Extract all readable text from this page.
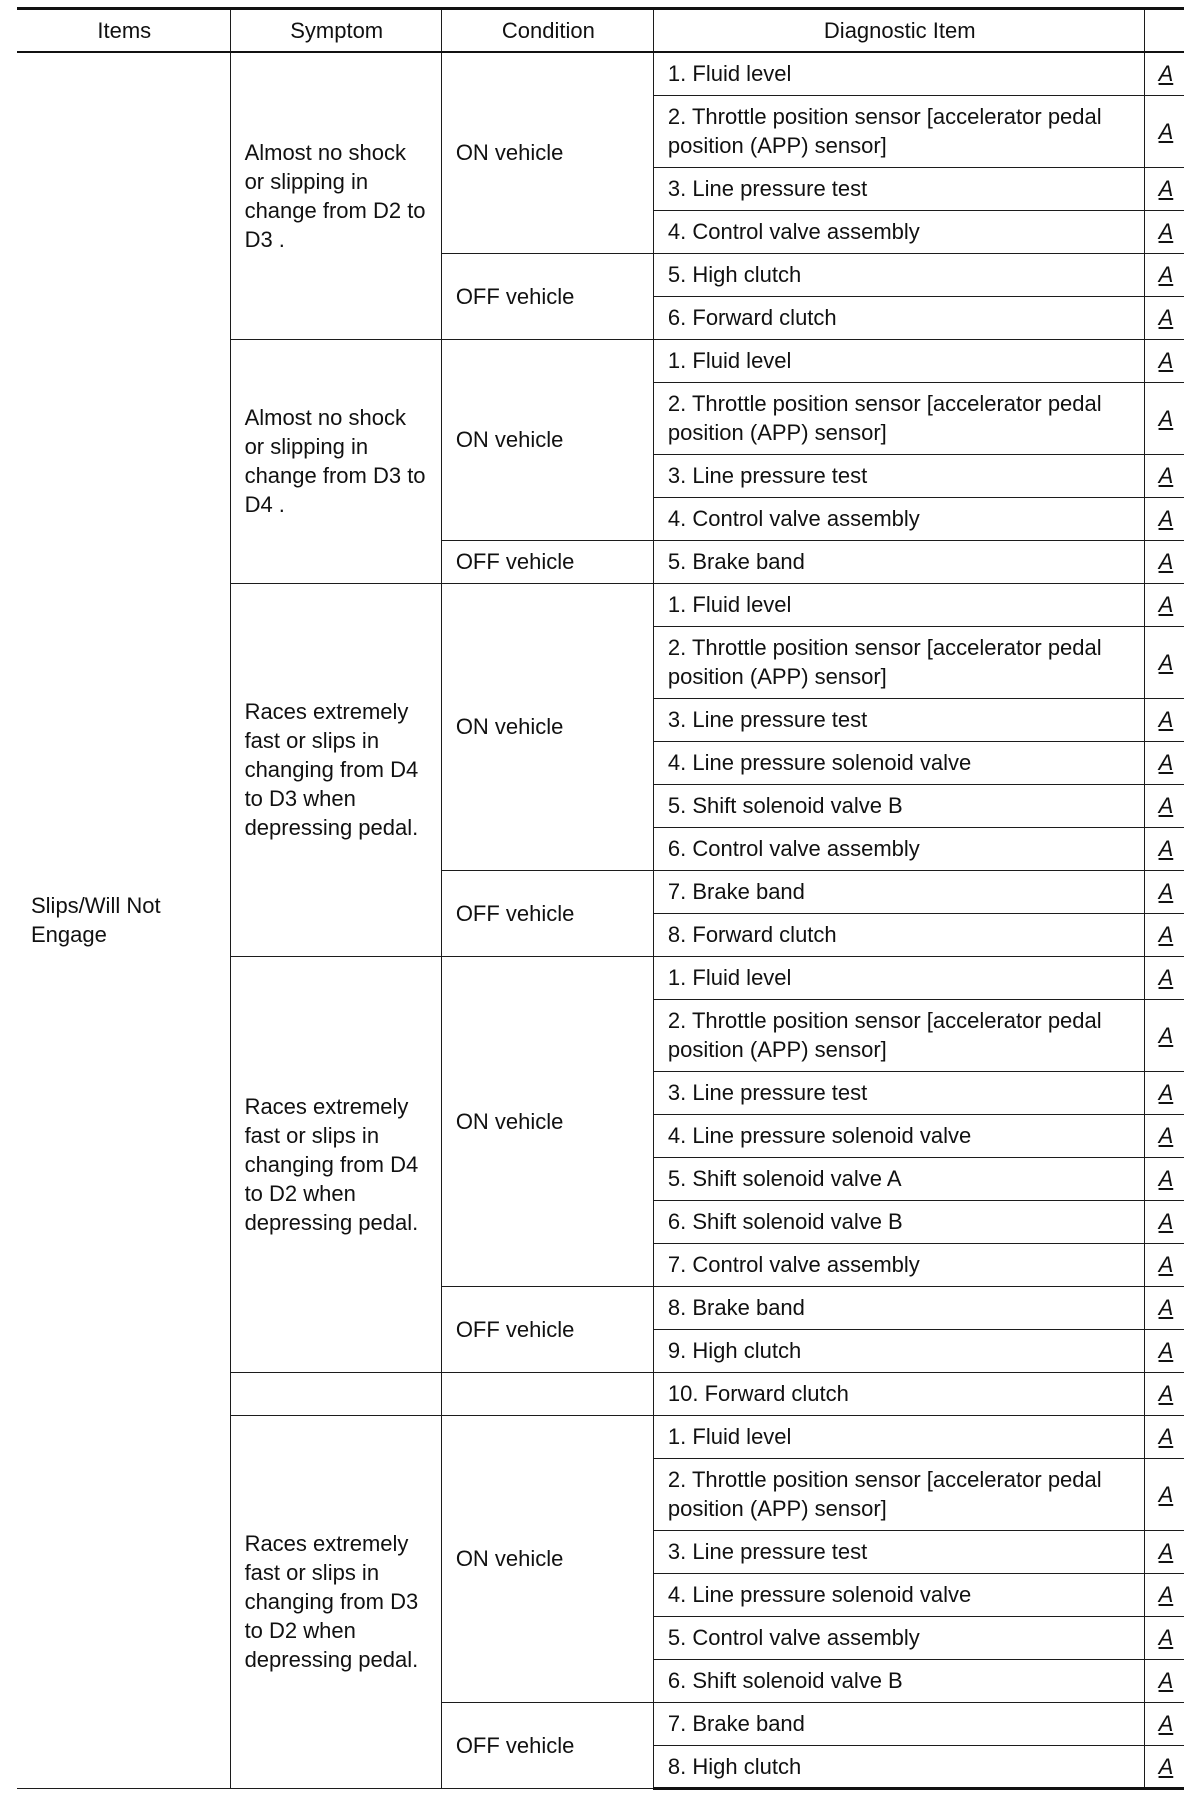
Items	Symptom	Condition	Diagnostic Item	
Slips/Will Not Engage	Almost no shock or slipping in change from D2 to D3 .	ON vehicle	1. Fluid level	A
			2. Throttle position sensor [accelerator pedal position (APP) sensor]	A
			3. Line pressure test	A
			4. Control valve assembly	A
		OFF vehicle	5. High clutch	A
			6. Forward clutch	A
	Almost no shock or slipping in change from D3 to D4 .	ON vehicle	1. Fluid level	A
			2. Throttle position sensor [accelerator pedal position (APP) sensor]	A
			3. Line pressure test	A
			4. Control valve assembly	A
		OFF vehicle	5. Brake band	A
	Races extremely fast or slips in changing from D4 to D3 when depressing pedal.	ON vehicle	1. Fluid level	A
			2. Throttle position sensor [accelerator pedal position (APP) sensor]	A
			3. Line pressure test	A
			4. Line pressure solenoid valve	A
			5. Shift solenoid valve B	A
			6. Control valve assembly	A
		OFF vehicle	7. Brake band	A
			8. Forward clutch	A
	Races extremely fast or slips in changing from D4 to D2 when depressing pedal.	ON vehicle	1. Fluid level	A
			2. Throttle position sensor [accelerator pedal position (APP) sensor]	A
			3. Line pressure test	A
			4. Line pressure solenoid valve	A
			5. Shift solenoid valve A	A
			6. Shift solenoid valve B	A
			7. Control valve assembly	A
		OFF vehicle	8. Brake band	A
			9. High clutch	A
			10. Forward clutch	A
	Races extremely fast or slips in changing from D3 to D2 when depressing pedal.	ON vehicle	1. Fluid level	A
			2. Throttle position sensor [accelerator pedal position (APP) sensor]	A
			3. Line pressure test	A
			4. Line pressure solenoid valve	A
			5. Control valve assembly	A
			6. Shift solenoid valve B	A
		OFF vehicle	7. Brake band	A
			8. High clutch	A
